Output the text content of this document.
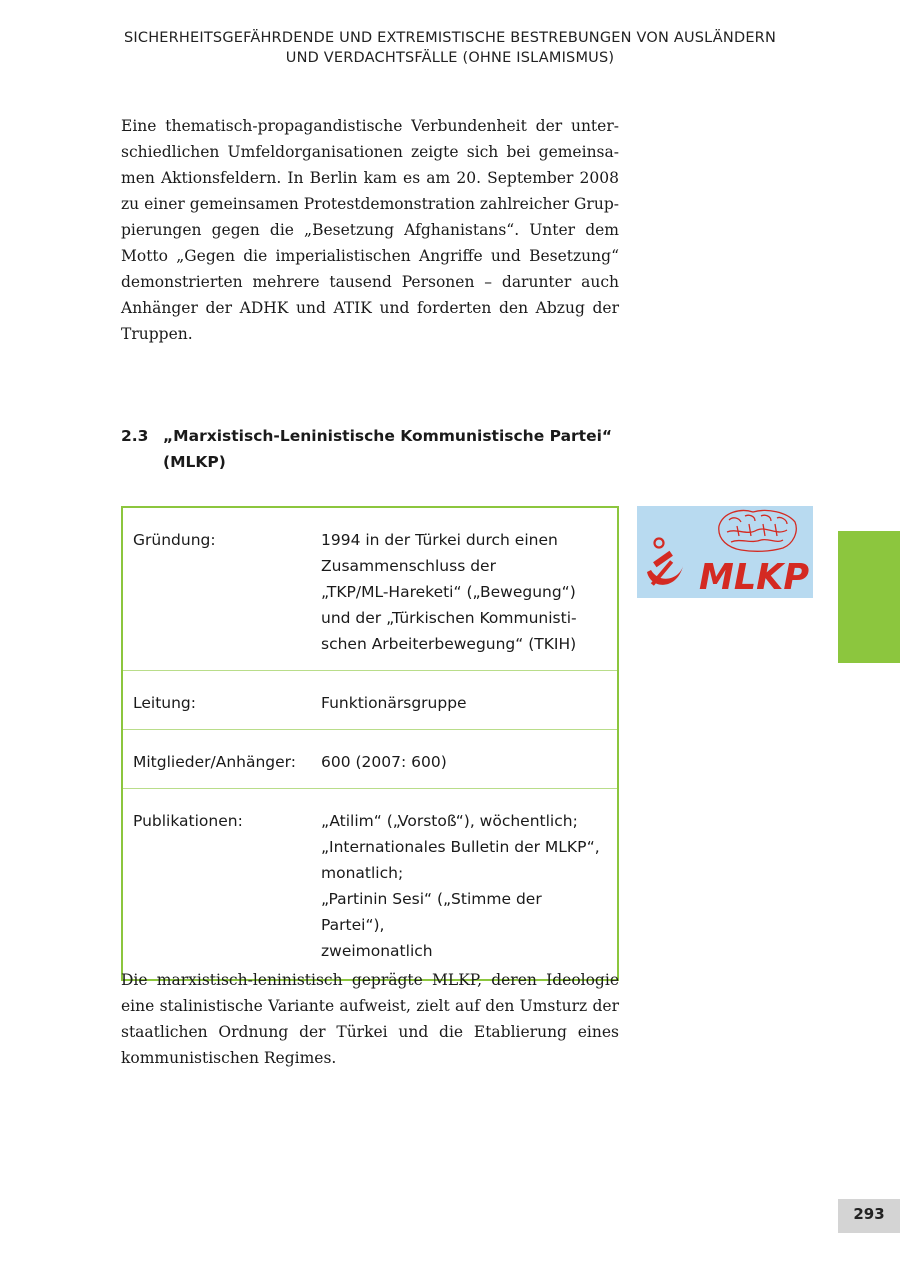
SICHERHEITSGEFÄHRDENDE UND EXTREMISTISCHE BESTREBUNGEN VON AUSLÄNDERN
UND VERDACHTSFÄLLE (OHNE ISLAMISMUS)

Eine thematisch-propagandistische Verbundenheit der unterschiedlichen Umfeldorganisationen zeigte sich bei gemeinsamen Aktionsfeldern. In Berlin kam es am 20. September 2008 zu einer gemeinsamen Protestdemonstration zahlreicher Gruppierungen gegen die „Besetzung Afghanistans“. Unter dem Motto „Gegen die imperialistischen Angriffe und Besetzung“ demonstrierten mehrere tausend Personen – darunter auch Anhänger der ADHK und ATIK und forderten den Abzug der Truppen.

2.3 „Marxistisch-Leninistische Kommunistische Partei“
(MLKP)
Gründung:	1994 in der Türkei durch einen
Zusammenschluss der
„TKP/ML-Hareketi“ („Bewegung“)
und der „Türkischen Kommunisti-
schen Arbeiterbewegung“ (TKIH)
Leitung:	Funktionärsgruppe
Mitglieder/Anhänger:	600 (2007: 600)
Publikationen:	„Atilim“ („Vorstoß“), wöchentlich;
„Internationales Bulletin der MLKP“,
monatlich;
„Partinin Sesi“ („Stimme der Partei“),
zweimonatlich
MLKP

Die marxistisch-leninistisch geprägte MLKP, deren Ideologie eine stalinistische Variante aufweist, zielt auf den Umsturz der staatlichen Ordnung der Türkei und die Etablierung eines kommunistischen Regimes.

293
